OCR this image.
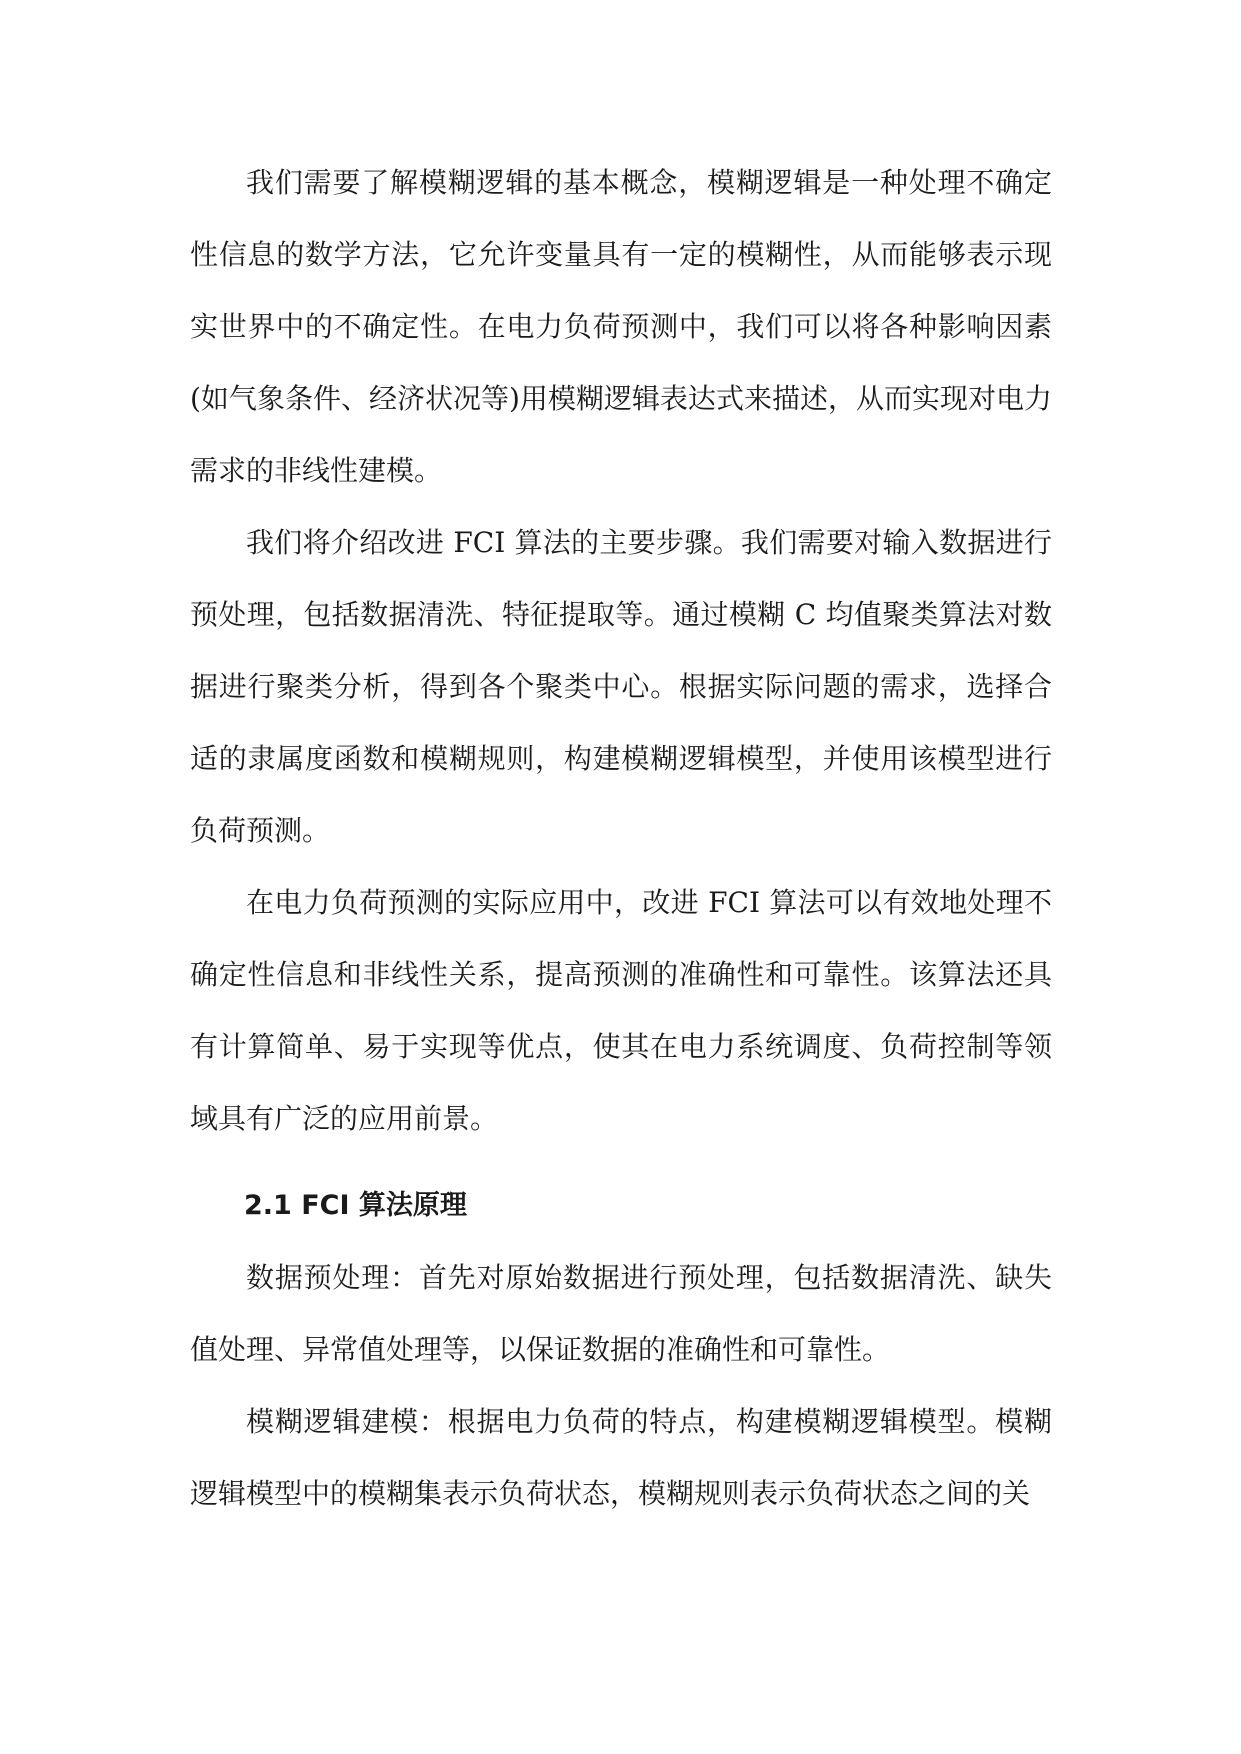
我们需要了解模糊逻辑的基本概念，模糊逻辑是一种处理不确定性信息的数学方法，它允许变量具有一定的模糊性，从而能够表示现实世界中的不确定性。在电力负荷预测中，我们可以将各种影响因素(如气象条件、经济状况等)用模糊逻辑表达式来描述，从而实现对电力需求的非线性建模。

我们将介绍改进 FCI 算法的主要步骤。我们需要对输入数据进行预处理，包括数据清洗、特征提取等。通过模糊 C 均值聚类算法对数据进行聚类分析，得到各个聚类中心。根据实际问题的需求，选择合适的隶属度函数和模糊规则，构建模糊逻辑模型，并使用该模型进行负荷预测。

在电力负荷预测的实际应用中，改进 FCI 算法可以有效地处理不确定性信息和非线性关系，提高预测的准确性和可靠性。该算法还具有计算简单、易于实现等优点，使其在电力系统调度、负荷控制等领域具有广泛的应用前景。

2.1 FCI 算法原理

数据预处理：首先对原始数据进行预处理，包括数据清洗、缺失值处理、异常值处理等，以保证数据的准确性和可靠性。

模糊逻辑建模：根据电力负荷的特点，构建模糊逻辑模型。模糊逻辑模型中的模糊集表示负荷状态，模糊规则表示负荷状态之间的关
